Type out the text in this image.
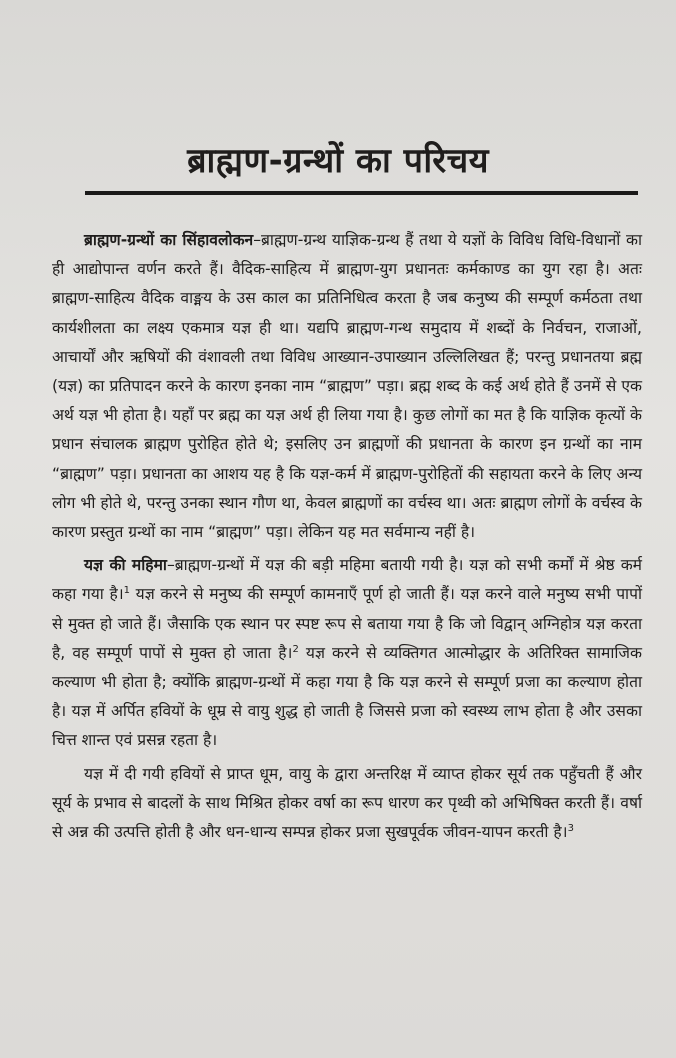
ब्राह्मण-ग्रन्थों का परिचय

ब्राह्मण-ग्रन्थों का सिंहावलोकन–ब्राह्मण-ग्रन्थ याज्ञिक-ग्रन्थ हैं तथा ये यज्ञों के विविध विधि-विधानों का ही आद्योपान्त वर्णन करते हैं। वैदिक-साहित्य में ब्राह्मण-युग प्रधानतः कर्मकाण्ड का युग रहा है। अतः ब्राह्मण-साहित्य वैदिक वाङ्मय के उस काल का प्रतिनिधित्व करता है जब कनुष्य की सम्पूर्ण कर्मठता तथा कार्यशीलता का लक्ष्य एकमात्र यज्ञ ही था। यद्यपि ब्राह्मण-गन्थ समुदाय में शब्दों के निर्वचन, राजाओं, आचार्यों और ऋषियों की वंशावली तथा विविध आख्यान-उपाख्यान उल्लिलिखत हैं; परन्तु प्रधानतया ब्रह्म (यज्ञ) का प्रतिपादन करने के कारण इनका नाम “ब्राह्मण” पड़ा। ब्रह्म शब्द के कई अर्थ होते हैं उनमें से एक अर्थ यज्ञ भी होता है। यहाँ पर ब्रह्म का यज्ञ अर्थ ही लिया गया है। कुछ लोगों का मत है कि याज्ञिक कृत्यों के प्रधान संचालक ब्राह्मण पुरोहित होते थे; इसलिए उन ब्राह्मणों की प्रधानता के कारण इन ग्रन्थों का नाम “ब्राह्मण” पड़ा। प्रधानता का आशय यह है कि यज्ञ-कर्म में ब्राह्मण-पुरोहितों की सहायता करने के लिए अन्य लोग भी होते थे, परन्तु उनका स्थान गौण था, केवल ब्राह्मणों का वर्चस्व था। अतः ब्राह्मण लोगों के वर्चस्व के कारण प्रस्तुत ग्रन्थों का नाम “ब्राह्मण” पड़ा। लेकिन यह मत सर्वमान्य नहीं है।

यज्ञ की महिमा–ब्राह्मण-ग्रन्थों में यज्ञ की बड़ी महिमा बतायी गयी है। यज्ञ को सभी कर्मों में श्रेष्ठ कर्म कहा गया है।$^1$ यज्ञ करने से मनुष्य की सम्पूर्ण कामनाएँ पूर्ण हो जाती हैं। यज्ञ करने वाले मनुष्य सभी पापों से मुक्त हो जाते हैं। जैसाकि एक स्थान पर स्पष्ट रूप से बताया गया है कि जो विद्वान् अग्निहोत्र यज्ञ करता है, वह सम्पूर्ण पापों से मुक्त हो जाता है।$^2$ यज्ञ करने से व्यक्तिगत आत्मोद्धार के अतिरिक्त सामाजिक कल्याण भी होता है; क्योंकि ब्राह्मण-ग्रन्थों में कहा गया है कि यज्ञ करने से सम्पूर्ण प्रजा का कल्याण होता है। यज्ञ में अर्पित हवियों के धूम्र से वायु शुद्ध हो जाती है जिससे प्रजा को स्वस्थ्य लाभ होता है और उसका चित्त शान्त एवं प्रसन्न रहता है।

यज्ञ में दी गयी हवियों से प्राप्त धूम, वायु के द्वारा अन्तरिक्ष में व्याप्त होकर सूर्य तक पहुँचती हैं और सूर्य के प्रभाव से बादलों के साथ मिश्रित होकर वर्षा का रूप धारण कर पृथ्वी को अभिषिक्त करती हैं। वर्षा से अन्न की उत्पत्ति होती है और धन-धान्य सम्पन्न होकर प्रजा सुखपूर्वक जीवन-यापन करती है।$^3$
